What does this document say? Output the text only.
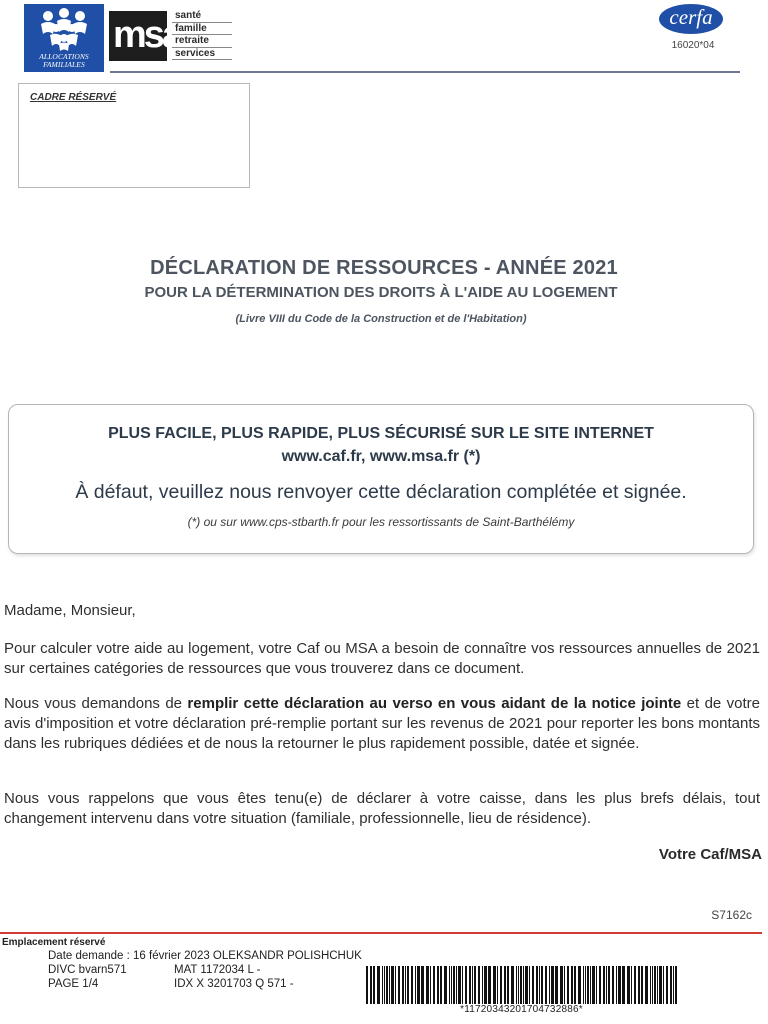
ALLOCATIONS
FAMILIALES
msa
santé
famille
retraite
services
cerfa
16020*04
CADRE RÉSERVÉ
DÉCLARATION DE RESSOURCES - ANNÉE 2021
POUR LA DÉTERMINATION DES DROITS À L'AIDE AU LOGEMENT
(Livre VIII du Code de la Construction et de l'Habitation)
PLUS FACILE, PLUS RAPIDE, PLUS SÉCURISÉ SUR LE SITE INTERNET
www.caf.fr, www.msa.fr (*)
À défaut, veuillez nous renvoyer cette déclaration complétée et signée.
(*) ou sur www.cps-stbarth.fr pour les ressortissants de Saint-Barthélémy
Madame, Monsieur,
Pour calculer votre aide au logement, votre Caf ou MSA a besoin de connaître vos ressources annuelles de 2021 sur certaines catégories de ressources que vous trouverez dans ce document.
Nous vous demandons de remplir cette déclaration au verso en vous aidant de la notice jointe et de votre avis d'imposition et votre déclaration pré-remplie portant sur les revenus de 2021 pour reporter les bons montants dans les rubriques dédiées et de nous la retourner le plus rapidement possible, datée et signée.
Nous vous rappelons que vous êtes tenu(e) de déclarer à votre caisse, dans les plus brefs délais, tout changement intervenu dans votre situation (familiale, professionnelle, lieu de résidence).
Votre Caf/MSA
S7162c
Emplacement réservé
Date demande : 16 février 2023 OLEKSANDR POLISHCHUK
DIVC bvarn571	MAT 1172034 L -
PAGE 1/4	IDX X 3201703 Q 571 -
*11720343201704732886*
